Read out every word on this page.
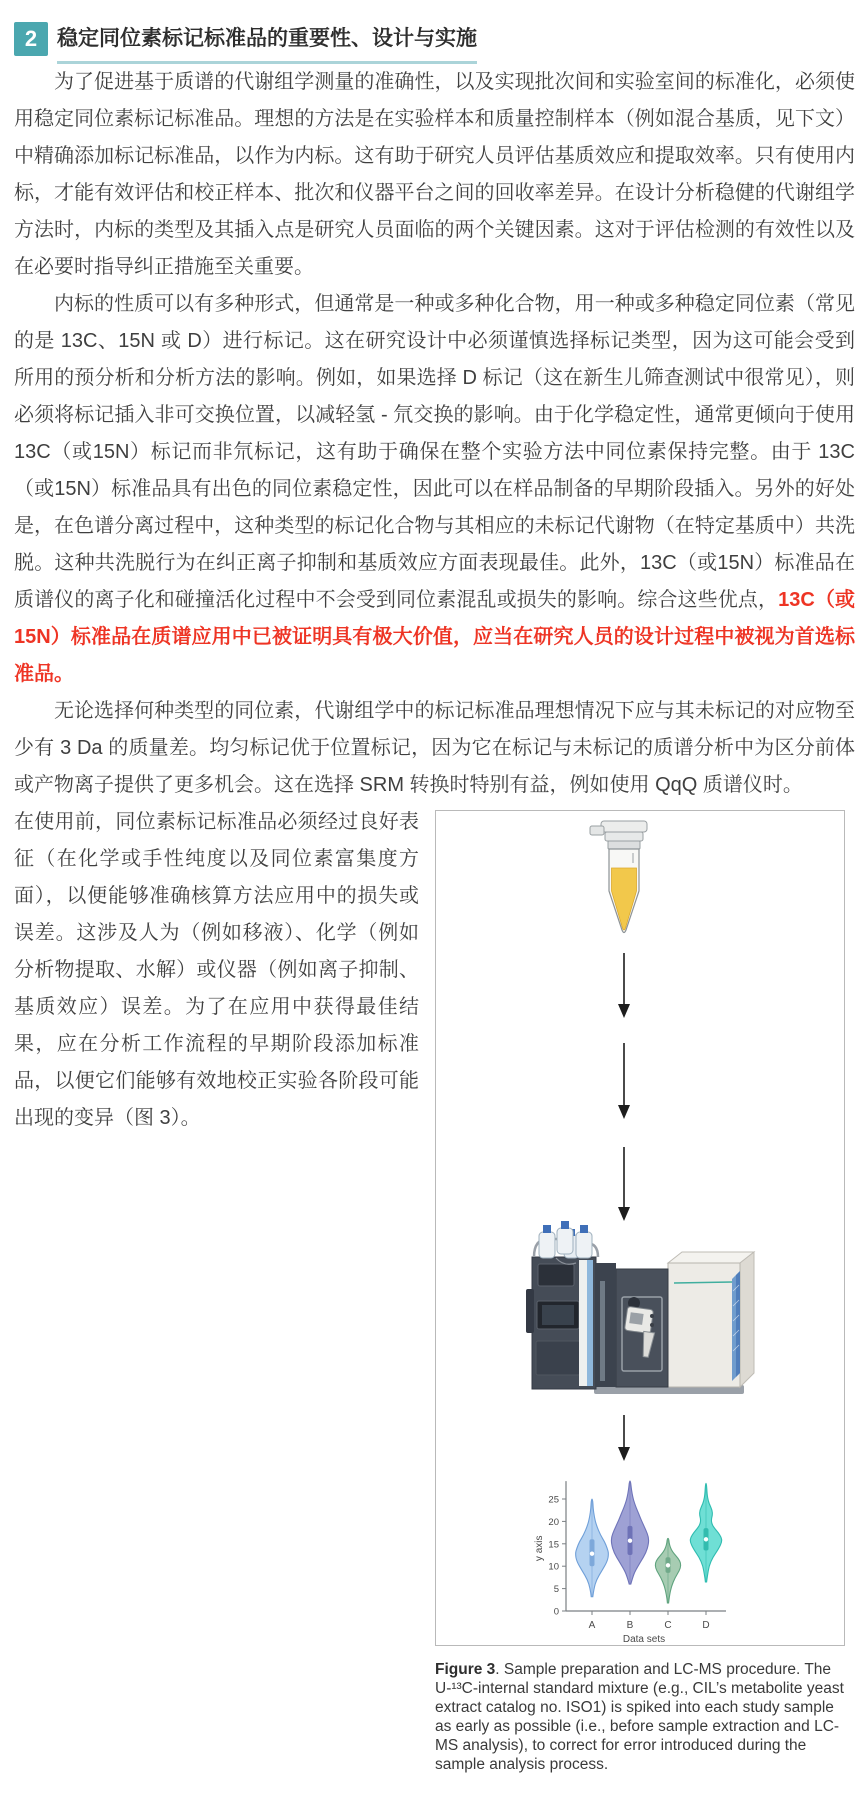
2 稳定同位素标记标准品的重要性、设计与实施

为了促进基于质谱的代谢组学测量的准确性，以及实现批次间和实验室间的标准化，必须使用稳定同位素标记标准品。理想的方法是在实验样本和质量控制样本（例如混合基质，见下文）中精确添加标记标准品，以作为内标。这有助于研究人员评估基质效应和提取效率。只有使用内标，才能有效评估和校正样本、批次和仪器平台之间的回收率差异。在设计分析稳健的代谢组学方法时，内标的类型及其插入点是研究人员面临的两个关键因素。这对于评估检测的有效性以及在必要时指导纠正措施至关重要。

内标的性质可以有多种形式，但通常是一种或多种化合物，用一种或多种稳定同位素（常见的是 13C、15N 或 D）进行标记。这在研究设计中必须谨慎选择标记类型，因为这可能会受到所用的预分析和分析方法的影响。例如，如果选择 D 标记（这在新生儿筛查测试中很常见），则必须将标记插入非可交换位置，以减轻氢 - 氘交换的影响。由于化学稳定性，通常更倾向于使用 13C（或15N）标记而非氘标记，这有助于确保在整个实验方法中同位素保持完整。由于 13C（或15N）标准品具有出色的同位素稳定性，因此可以在样品制备的早期阶段插入。另外的好处是，在色谱分离过程中，这种类型的标记化合物与其相应的未标记代谢物（在特定基质中）共洗脱。这种共洗脱行为在纠正离子抑制和基质效应方面表现最佳。此外，13C（或15N）标准品在质谱仪的离子化和碰撞活化过程中不会受到同位素混乱或损失的影响。综合这些优点，13C（或15N）标准品在质谱应用中已被证明具有极大价值，应当在研究人员的设计过程中被视为首选标准品。

无论选择何种类型的同位素，代谢组学中的标记标准品理想情况下应与其未标记的对应物至少有 3 Da 的质量差。均匀标记优于位置标记，因为它在标记与未标记的质谱分析中为区分前体或产物离子提供了更多机会。这在选择 SRM 转换时特别有益，例如使用 QqQ 质谱仪时。

0
5
10
15
20
25
A	B	C	D
Data sets
y axis

Figure 3. Sample preparation and LC-MS procedure. The U-¹³C-internal standard mixture (e.g., CIL’s metabolite yeast extract catalog no. ISO1) is spiked into each study sample as early as possible (i.e., before sample extraction and LC-MS analysis), to correct for error introduced during the sample analysis process.

在使用前，同位素标记标准品必须经过良好表征（在化学或手性纯度以及同位素富集度方面），以便能够准确核算方法应用中的损失或误差。这涉及人为（例如移液）、化学（例如分析物提取、水解）或仪器（例如离子抑制、基质效应）误差。为了在应用中获得最佳结果，应在分析工作流程的早期阶段添加标准品，以便它们能够有效地校正实验各阶段可能出现的变异（图 3）。
